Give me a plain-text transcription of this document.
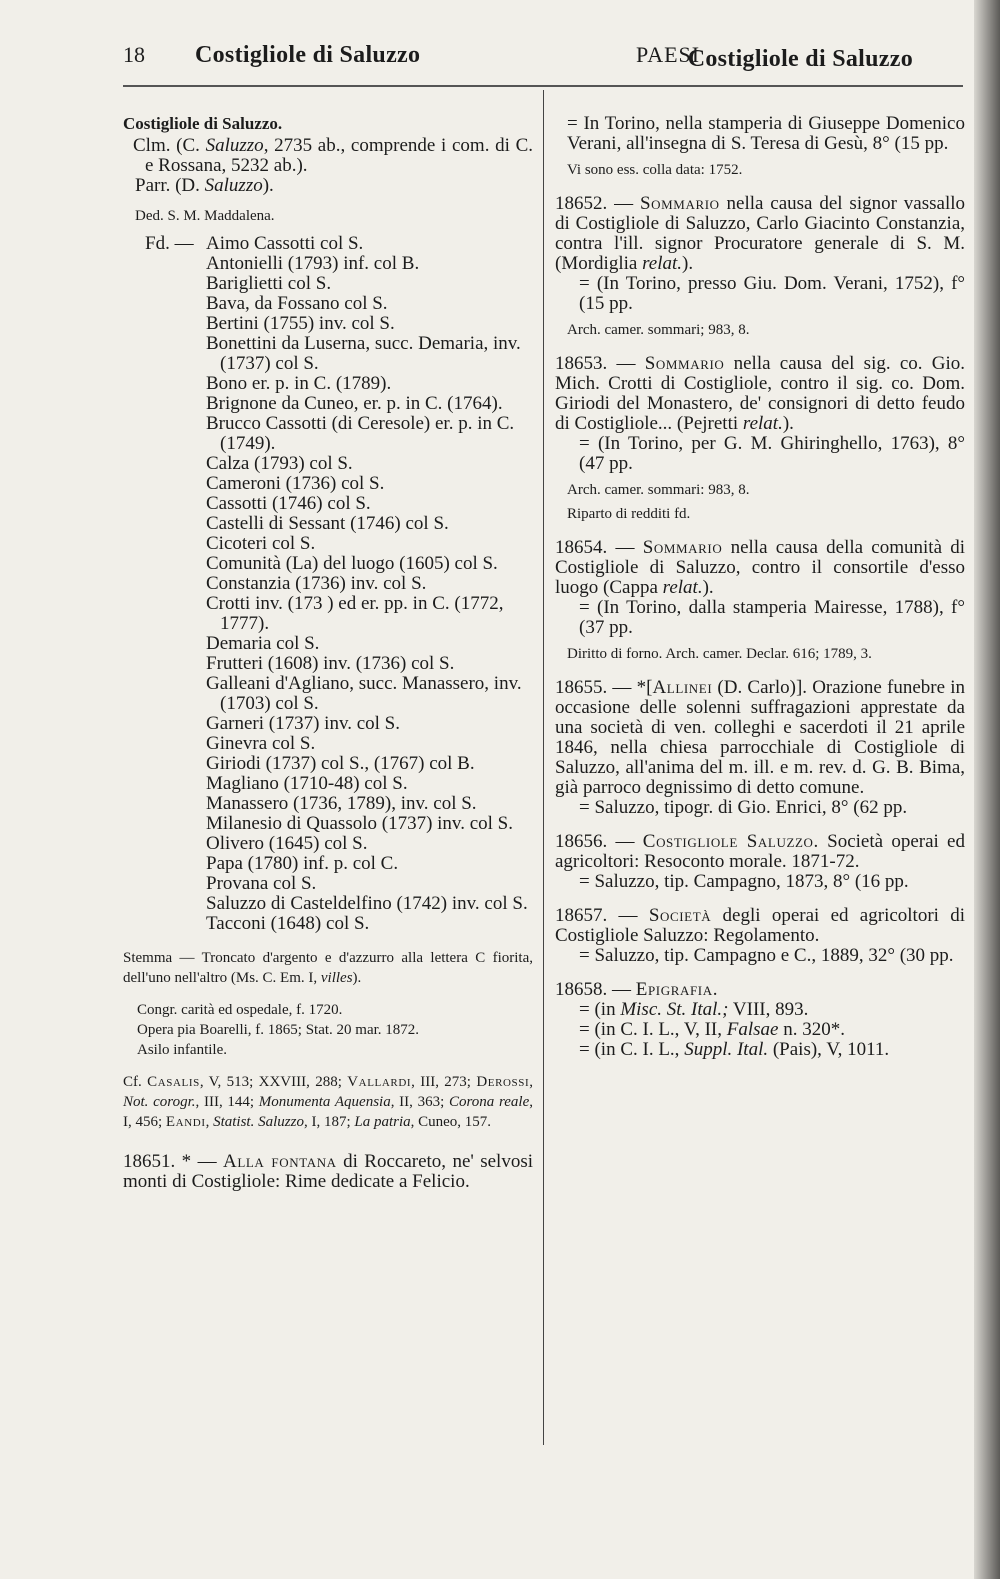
18 Costigliole di Saluzzo	PAESI
Costigliole di Saluzzo

Costigliole di Saluzzo.

Clm. (C. Saluzzo, 2735 ab., comprende i com. di C. e Rossana, 5232 ab.).

Parr. (D. Saluzzo).

Ded. S. M. Maddalena.

Fd. — Aimo Cassotti col S.

Antonielli (1793) inf. col B.

Bariglietti col S.

Bava, da Fossano col S.

Bertini (1755) inv. col S.

Bonettini da Luserna, succ. Demaria, inv. (1737) col S.

Bono er. p. in C. (1789).

Brignone da Cuneo, er. p. in C. (1764).

Brucco Cassotti (di Ceresole) er. p. in C. (1749).

Calza (1793) col S.

Cameroni (1736) col S.

Cassotti (1746) col S.

Castelli di Sessant (1746) col S.

Cicoteri col S.

Comunità (La) del luogo (1605) col S.

Constanzia (1736) inv. col S.

Crotti inv. (173 ) ed er. pp. in C. (1772, 1777).

Demaria col S.

Frutteri (1608) inv. (1736) col S.

Galleani d'Agliano, succ. Manassero, inv. (1703) col S.

Garneri (1737) inv. col S.

Ginevra col S.

Giriodi (1737) col S., (1767) col B.

Magliano (1710-48) col S.

Manassero (1736, 1789), inv. col S.

Milanesio di Quassolo (1737) inv. col S.

Olivero (1645) col S.

Papa (1780) inf. p. col C.

Provana col S.

Saluzzo di Casteldelfino (1742) inv. col S.

Tacconi (1648) col S.

Stemma — Troncato d'argento e d'azzurro alla lettera C fiorita, dell'uno nell'altro (Ms. C. Em. I, villes).

Congr. carità ed ospedale, f. 1720.

Opera pia Boarelli, f. 1865; Stat. 20 mar. 1872.

Asilo infantile.

Cf. Casalis, V, 513; XXVIII, 288; Vallardi, III, 273; Derossi, Not. corogr., III, 144; Monumenta Aquensia, II, 363; Corona reale, I, 456; Eandi, Statist. Saluzzo, I, 187; La patria, Cuneo, 157.

18651. * — Alla fontana di Roccareto, ne' selvosi monti di Costigliole: Rime dedicate a Felicio.

= In Torino, nella stamperia di Giuseppe Domenico Verani, all'insegna di S. Teresa di Gesù, 8° (15 pp.

Vi sono ess. colla data: 1752.

18652. — Sommario nella causa del signor vassallo di Costigliole di Saluzzo, Carlo Giacinto Constanzia, contra l'ill. signor Procuratore generale di S. M. (Mordiglia relat.).

= (In Torino, presso Giu. Dom. Verani, 1752), f° (15 pp.

Arch. camer. sommari; 983, 8.

18653. — Sommario nella causa del sig. co. Gio. Mich. Crotti di Costigliole, contro il sig. co. Dom. Giriodi del Monastero, de' consignori di detto feudo di Costigliole... (Pejretti relat.).

= (In Torino, per G. M. Ghiringhello, 1763), 8° (47 pp.

Arch. camer. sommari: 983, 8.

Riparto di redditi fd.

18654. — Sommario nella causa della comunità di Costigliole di Saluzzo, contro il consortile d'esso luogo (Cappa relat.).

= (In Torino, dalla stamperia Mairesse, 1788), f° (37 pp.

Diritto di forno. Arch. camer. Declar. 616; 1789, 3.

18655. — *[Allinei (D. Carlo)]. Orazione funebre in occasione delle solenni suffragazioni apprestate da una società di ven. colleghi e sacerdoti il 21 aprile 1846, nella chiesa parrocchiale di Costigliole di Saluzzo, all'anima del m. ill. e m. rev. d. G. B. Bima, già parroco degnissimo di detto comune.

= Saluzzo, tipogr. di Gio. Enrici, 8° (62 pp.

18656. — Costigliole Saluzzo. Società operai ed agricoltori: Resoconto morale. 1871-72.

= Saluzzo, tip. Campagno, 1873, 8° (16 pp.

18657. — Società degli operai ed agricoltori di Costigliole Saluzzo: Regolamento.

= Saluzzo, tip. Campagno e C., 1889, 32° (30 pp.

18658. — Epigrafia.

= (in Misc. St. Ital.; VIII, 893.

= (in C. I. L., V, II, Falsae n. 320*.

= (in C. I. L., Suppl. Ital. (Pais), V, 1011.
